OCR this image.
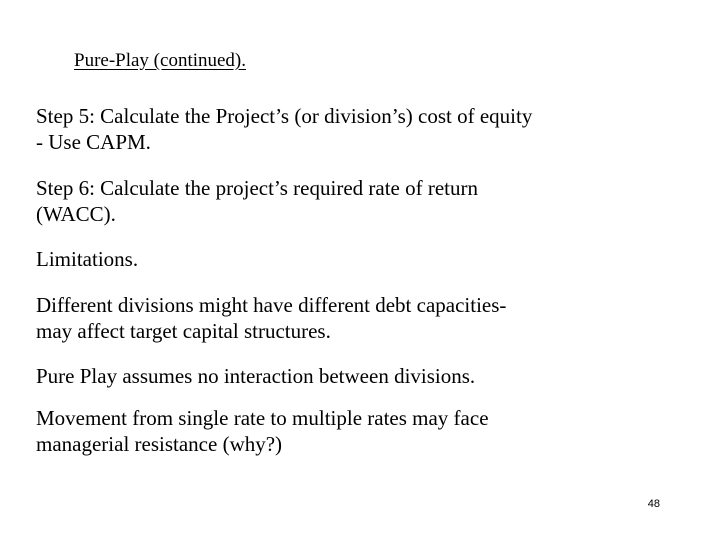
Pure-Play (continued).

Step 5: Calculate the Project’s (or division’s) cost of equity
- Use CAPM.

Step 6: Calculate the project’s required rate of return
(WACC).

Limitations.

Different divisions might have different debt capacities-
may affect target capital structures.

Pure Play assumes no interaction between divisions.

Movement from single rate to multiple rates may face
managerial resistance (why?)

48
